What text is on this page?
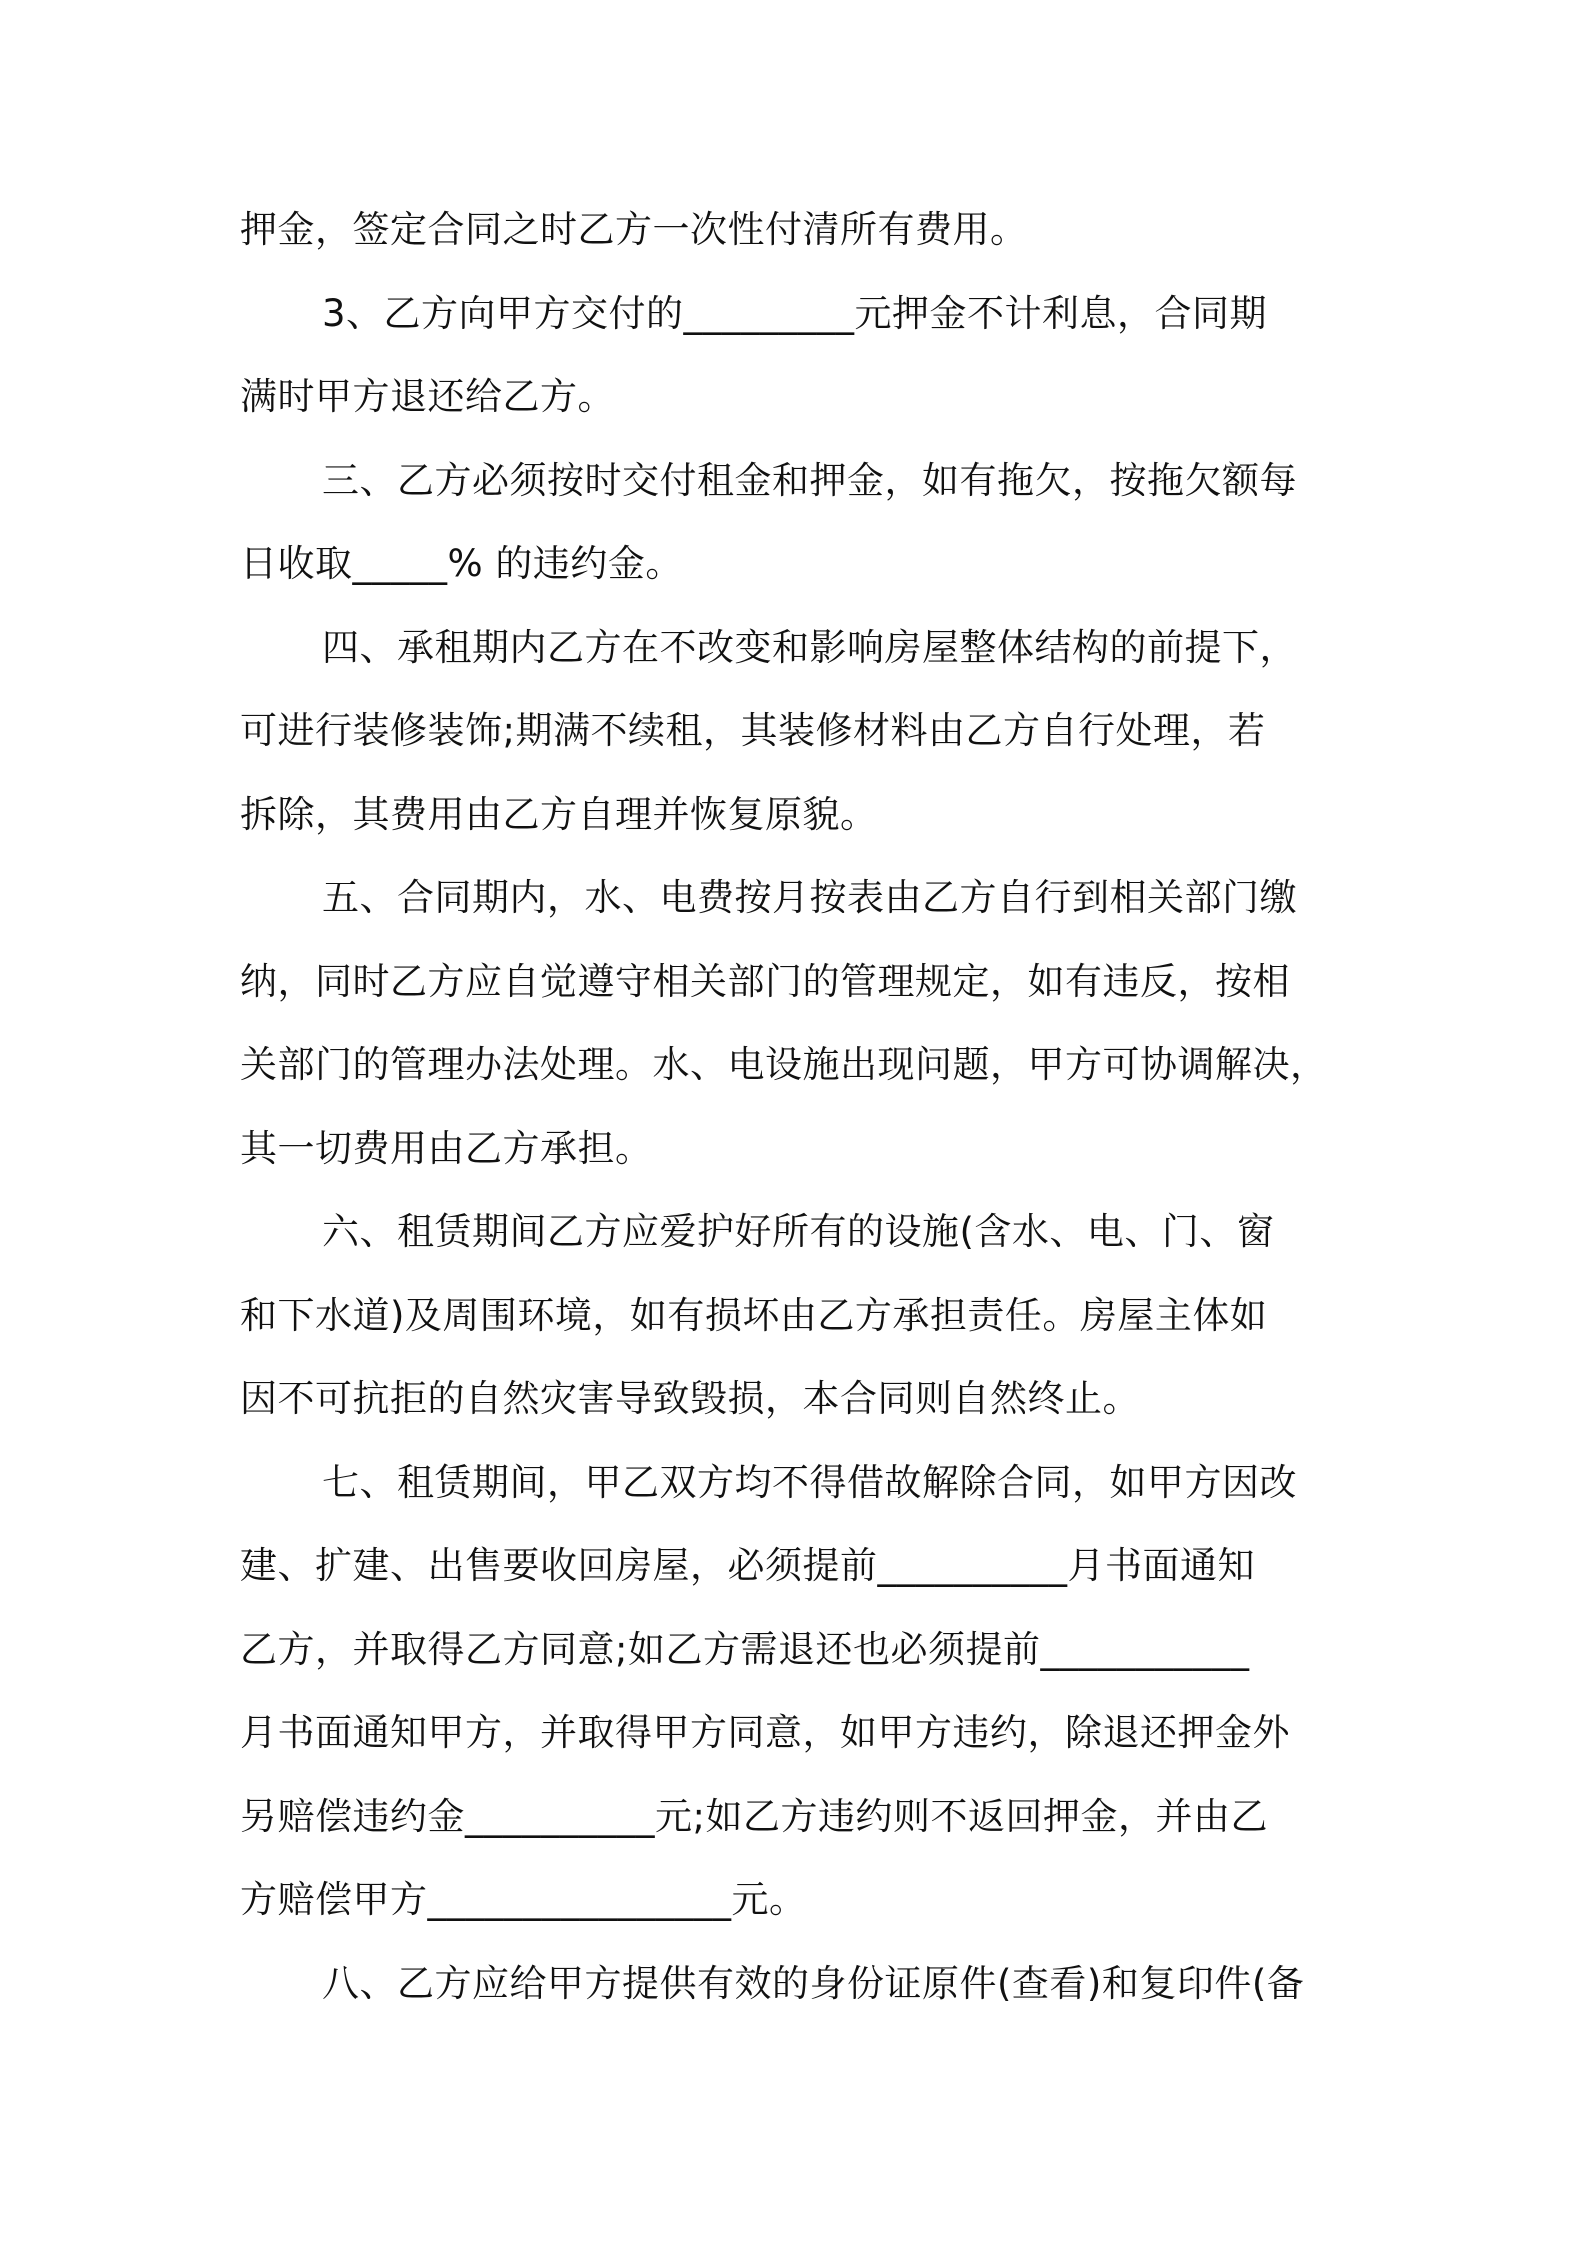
押金，签定合同之时乙方一次性付清所有费用。
3、乙方向甲方交付的_________元押金不计利息，合同期
满时甲方退还给乙方。
三、乙方必须按时交付租金和押金，如有拖欠，按拖欠额每
日收取_____% 的违约金。
四、承租期内乙方在不改变和影响房屋整体结构的前提下，
可进行装修装饰;期满不续租，其装修材料由乙方自行处理，若
拆除，其费用由乙方自理并恢复原貌。
五、合同期内，水、电费按月按表由乙方自行到相关部门缴
纳，同时乙方应自觉遵守相关部门的管理规定，如有违反，按相
关部门的管理办法处理。水、电设施出现问题，甲方可协调解决，
其一切费用由乙方承担。
六、租赁期间乙方应爱护好所有的设施(含水、电、门、窗
和下水道)及周围环境，如有损坏由乙方承担责任。房屋主体如
因不可抗拒的自然灾害导致毁损，本合同则自然终止。
七、租赁期间，甲乙双方均不得借故解除合同，如甲方因改
建、扩建、出售要收回房屋，必须提前__________月书面通知
乙方，并取得乙方同意;如乙方需退还也必须提前___________
月书面通知甲方，并取得甲方同意，如甲方违约，除退还押金外
另赔偿违约金__________元;如乙方违约则不返回押金，并由乙
方赔偿甲方________________元。
八、乙方应给甲方提供有效的身份证原件(查看)和复印件(备
